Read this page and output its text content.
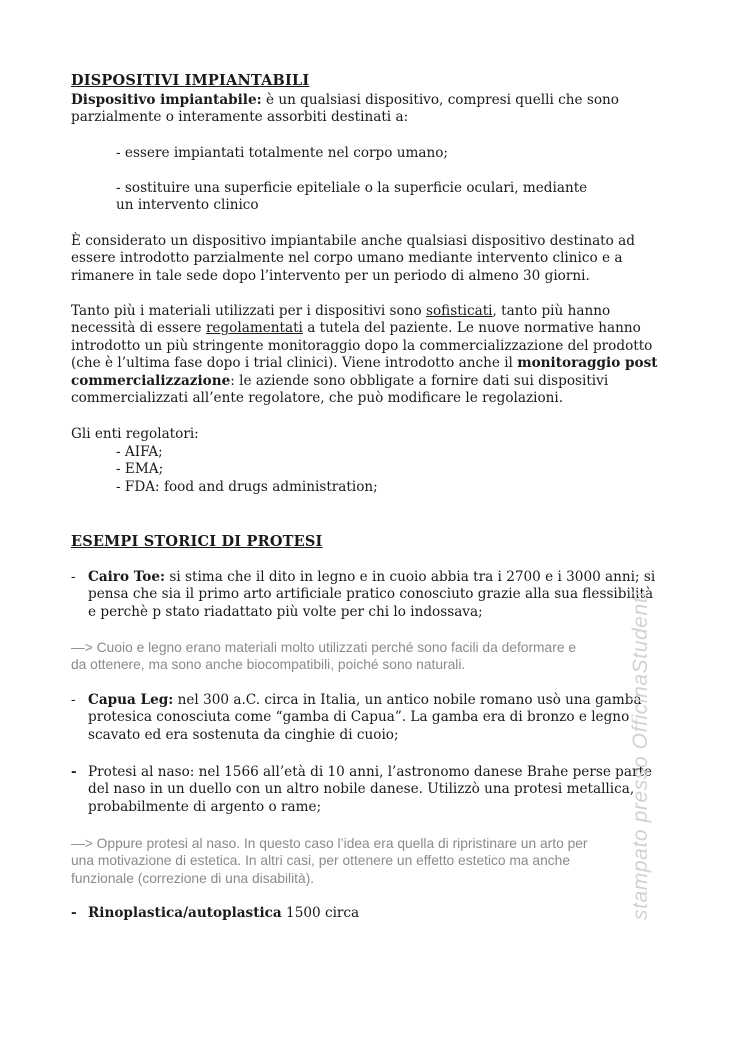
DISPOSITIVI IMPIANTABILI
Dispositivo impiantabile: è un qualsiasi dispositivo, compresi quelli che sono
parzialmente o interamente assorbiti destinati a:
- essere impiantati totalmente nel corpo umano;
- sostituire una superficie epiteliale o la superficie oculari, mediante
un intervento clinico
È considerato un dispositivo impiantabile anche qualsiasi dispositivo destinato ad
essere introdotto parzialmente nel corpo umano mediante intervento clinico e a
rimanere in tale sede dopo l’intervento per un periodo di almeno 30 giorni.
Tanto più i materiali utilizzati per i dispositivi sono sofisticati, tanto più hanno
necessità di essere regolamentati a tutela del paziente. Le nuove normative hanno
introdotto un più stringente monitoraggio dopo la commercializzazione del prodotto
(che è l’ultima fase dopo i trial clinici). Viene introdotto anche il monitoraggio post
commercializzazione: le aziende sono obbligate a fornire dati sui dispositivi
commercializzati all’ente regolatore, che può modificare le regolazioni.
Gli enti regolatori:
- AIFA;
- EMA;
- FDA: food and drugs administration;
ESEMPI STORICI DI PROTESI
- Cairo Toe: si stima che il dito in legno e in cuoio abbia tra i 2700 e i 3000 anni; si
pensa che sia il primo arto artificiale pratico conosciuto grazie alla sua flessibilità
e perchè p stato riadattato più volte per chi lo indossava;
—> Cuoio e legno erano materiali molto utilizzati perché sono facili da deformare e
da ottenere, ma sono anche biocompatibili, poiché sono naturali.
- Capua Leg: nel 300 a.C. circa in Italia, un antico nobile romano usò una gamba
protesica conosciuta come “gamba di Capua”. La gamba era di bronzo e legno
scavato ed era sostenuta da cinghie di cuoio;
- Protesi al naso: nel 1566 all’età di 10 anni, l’astronomo danese Brahe perse parte
del naso in un duello con un altro nobile danese. Utilizzò una protesi metallica,
probabilmente di argento o rame;
—> Oppure protesi al naso. In questo caso l’idea era quella di ripristinare un arto per
una motivazione di estetica. In altri casi, per ottenere un effetto estetico ma anche
funzionale (correzione di una disabilità).
- Rinoplastica/autoplastica 1500 circa	stampato presso OfficinaStudenti
